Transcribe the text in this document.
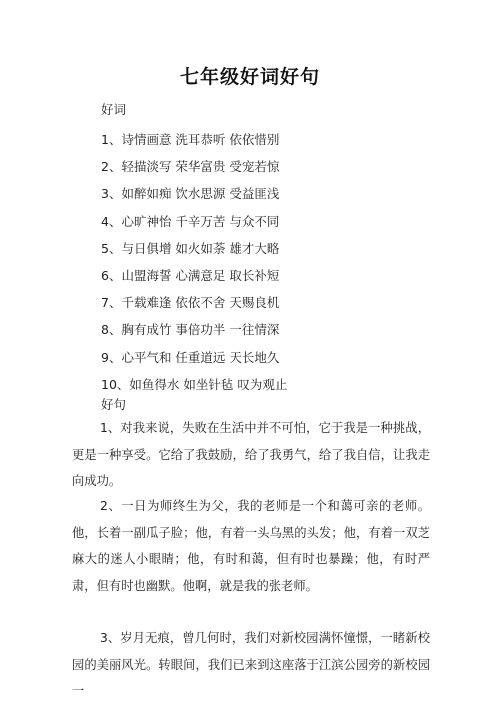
七年级好词好句
好词
1、诗情画意 洗耳恭听 依依惜别
2、轻描淡写 荣华富贵 受宠若惊
3、如醉如痴 饮水思源 受益匪浅
4、心旷神怡 千辛万苦 与众不同
5、与日俱增 如火如荼 雄才大略
6、山盟海誓 心满意足 取长补短
7、千载难逢 依依不舍 天赐良机
8、胸有成竹 事倍功半 一往情深
9、心平气和 任重道远 天长地久
10、如鱼得水 如坐针毡 叹为观止
好句

1、对我来说，失败在生活中并不可怕，它于我是一种挑战，更是一种享受。它给了我鼓励，给了我勇气，给了我自信，让我走向成功。

2、一日为师终生为父，我的老师是一个和蔼可亲的老师。他，长着一副瓜子脸；他，有着一头乌黑的头发；他，有着一双芝麻大的迷人小眼睛；他，有时和蔼，但有时也暴躁；他，有时严肃，但有时也幽默。他啊，就是我的张老师。

3、岁月无痕，曾几何时，我们对新校园满怀憧憬，一睹新校园的美丽风光。转眼间，我们已来到这座落于江滨公园旁的新校园一
